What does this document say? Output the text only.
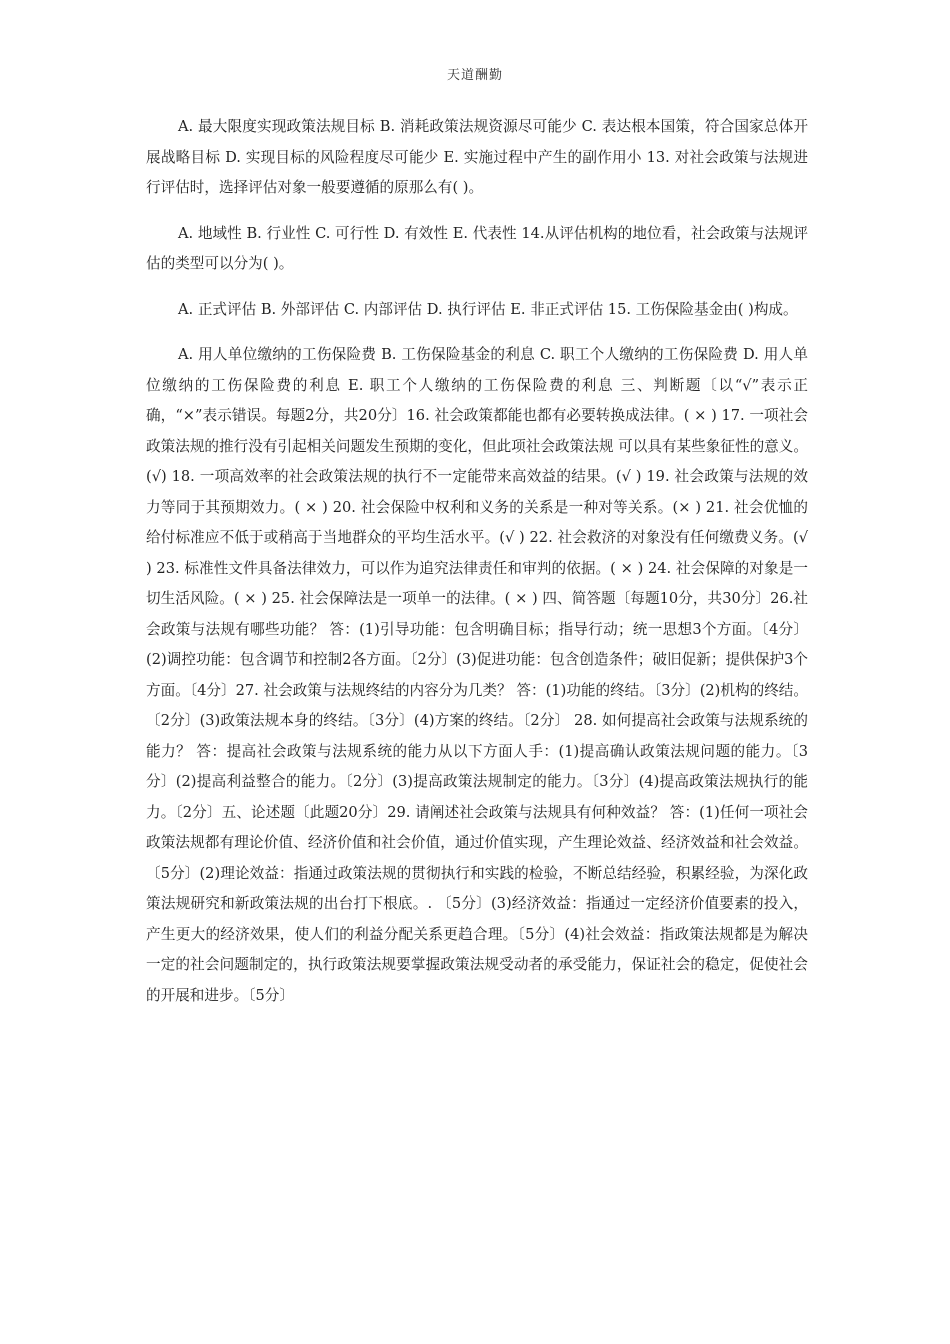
天道酬勤

A. 最大限度实现政策法规目标 B. 消耗政策法规资源尽可能少 C. 表达根本国策，符合国家总体开展战略目标 D. 实现目标的风险程度尽可能少 E. 实施过程中产生的副作用小 13. 对社会政策与法规进行评估时，选择评估对象一般要遵循的原那么有( )。

A. 地域性 B. 行业性 C. 可行性 D. 有效性 E. 代表性 14.从评估机构的地位看，社会政策与法规评估的类型可以分为( )。

A. 正式评估 B. 外部评估 C. 内部评估 D. 执行评估 E. 非正式评估 15. 工伤保险基金由( )构成。

A. 用人单位缴纳的工伤保险费 B. 工伤保险基金的利息 C. 职工个人缴纳的工伤保险费 D. 用人单位缴纳的工伤保险费的利息 E. 职工个人缴纳的工伤保险费的利息 三、判断题〔以“√”表示正确，“×”表示错误。每题2分，共20分〕16. 社会政策都能也都有必要转换成法律。( × ) 17. 一项社会政策法规的推行没有引起相关问题发生预期的变化，但此项社会政策法规 可以具有某些象征性的意义。(√) 18. 一项高效率的社会政策法规的执行不一定能带来高效益的结果。(√ ) 19. 社会政策与法规的效力等同于其预期效力。( × ) 20. 社会保险中权利和义务的关系是一种对等关系。(× ) 21. 社会优恤的给付标准应不低于或稍高于当地群众的平均生活水平。(√ ) 22. 社会救济的对象没有任何缴费义务。(√ ) 23. 标准性文件具备法律效力，可以作为追究法律责任和审判的依据。( × ) 24. 社会保障的对象是一切生活风险。( × ) 25. 社会保障法是一项单一的法律。( × ) 四、简答题〔每题10分，共30分〕26.社会政策与法规有哪些功能？ 答：(1)引导功能：包含明确目标；指导行动；统一思想3个方面。〔4分〕(2)调控功能：包含调节和控制2各方面。〔2分〕(3)促进功能：包含创造条件；破旧促新；提供保护3个方面。〔4分〕27. 社会政策与法规终结的内容分为几类？ 答：(1)功能的终结。〔3分〕(2)机构的终结。〔2分〕(3)政策法规本身的终结。〔3分〕(4)方案的终结。〔2分〕 28. 如何提高社会政策与法规系统的能力？ 答：提高社会政策与法规系统的能力从以下方面人手：(1)提高确认政策法规问题的能力。〔3分〕(2)提高利益整合的能力。〔2分〕(3)提高政策法规制定的能力。〔3分〕(4)提高政策法规执行的能力。〔2分〕五、论述题〔此题20分〕29. 请阐述社会政策与法规具有何种效益？ 答：(1)任何一项社会政策法规都有理论价值、经济价值和社会价值，通过价值实现，产生理论效益、经济效益和社会效益。〔5分〕(2)理论效益：指通过政策法规的贯彻执行和实践的检验，不断总结经验，积累经验，为深化政策法规研究和新政策法规的出台打下根底。. 〔5分〕(3)经济效益：指通过一定经济价值要素的投入，产生更大的经济效果，使人们的利益分配关系更趋合理。〔5分〕(4)社会效益：指政策法规都是为解决一定的社会问题制定的，执行政策法规要掌握政策法规受动者的承受能力，保证社会的稳定，促使社会的开展和进步。〔5分〕
